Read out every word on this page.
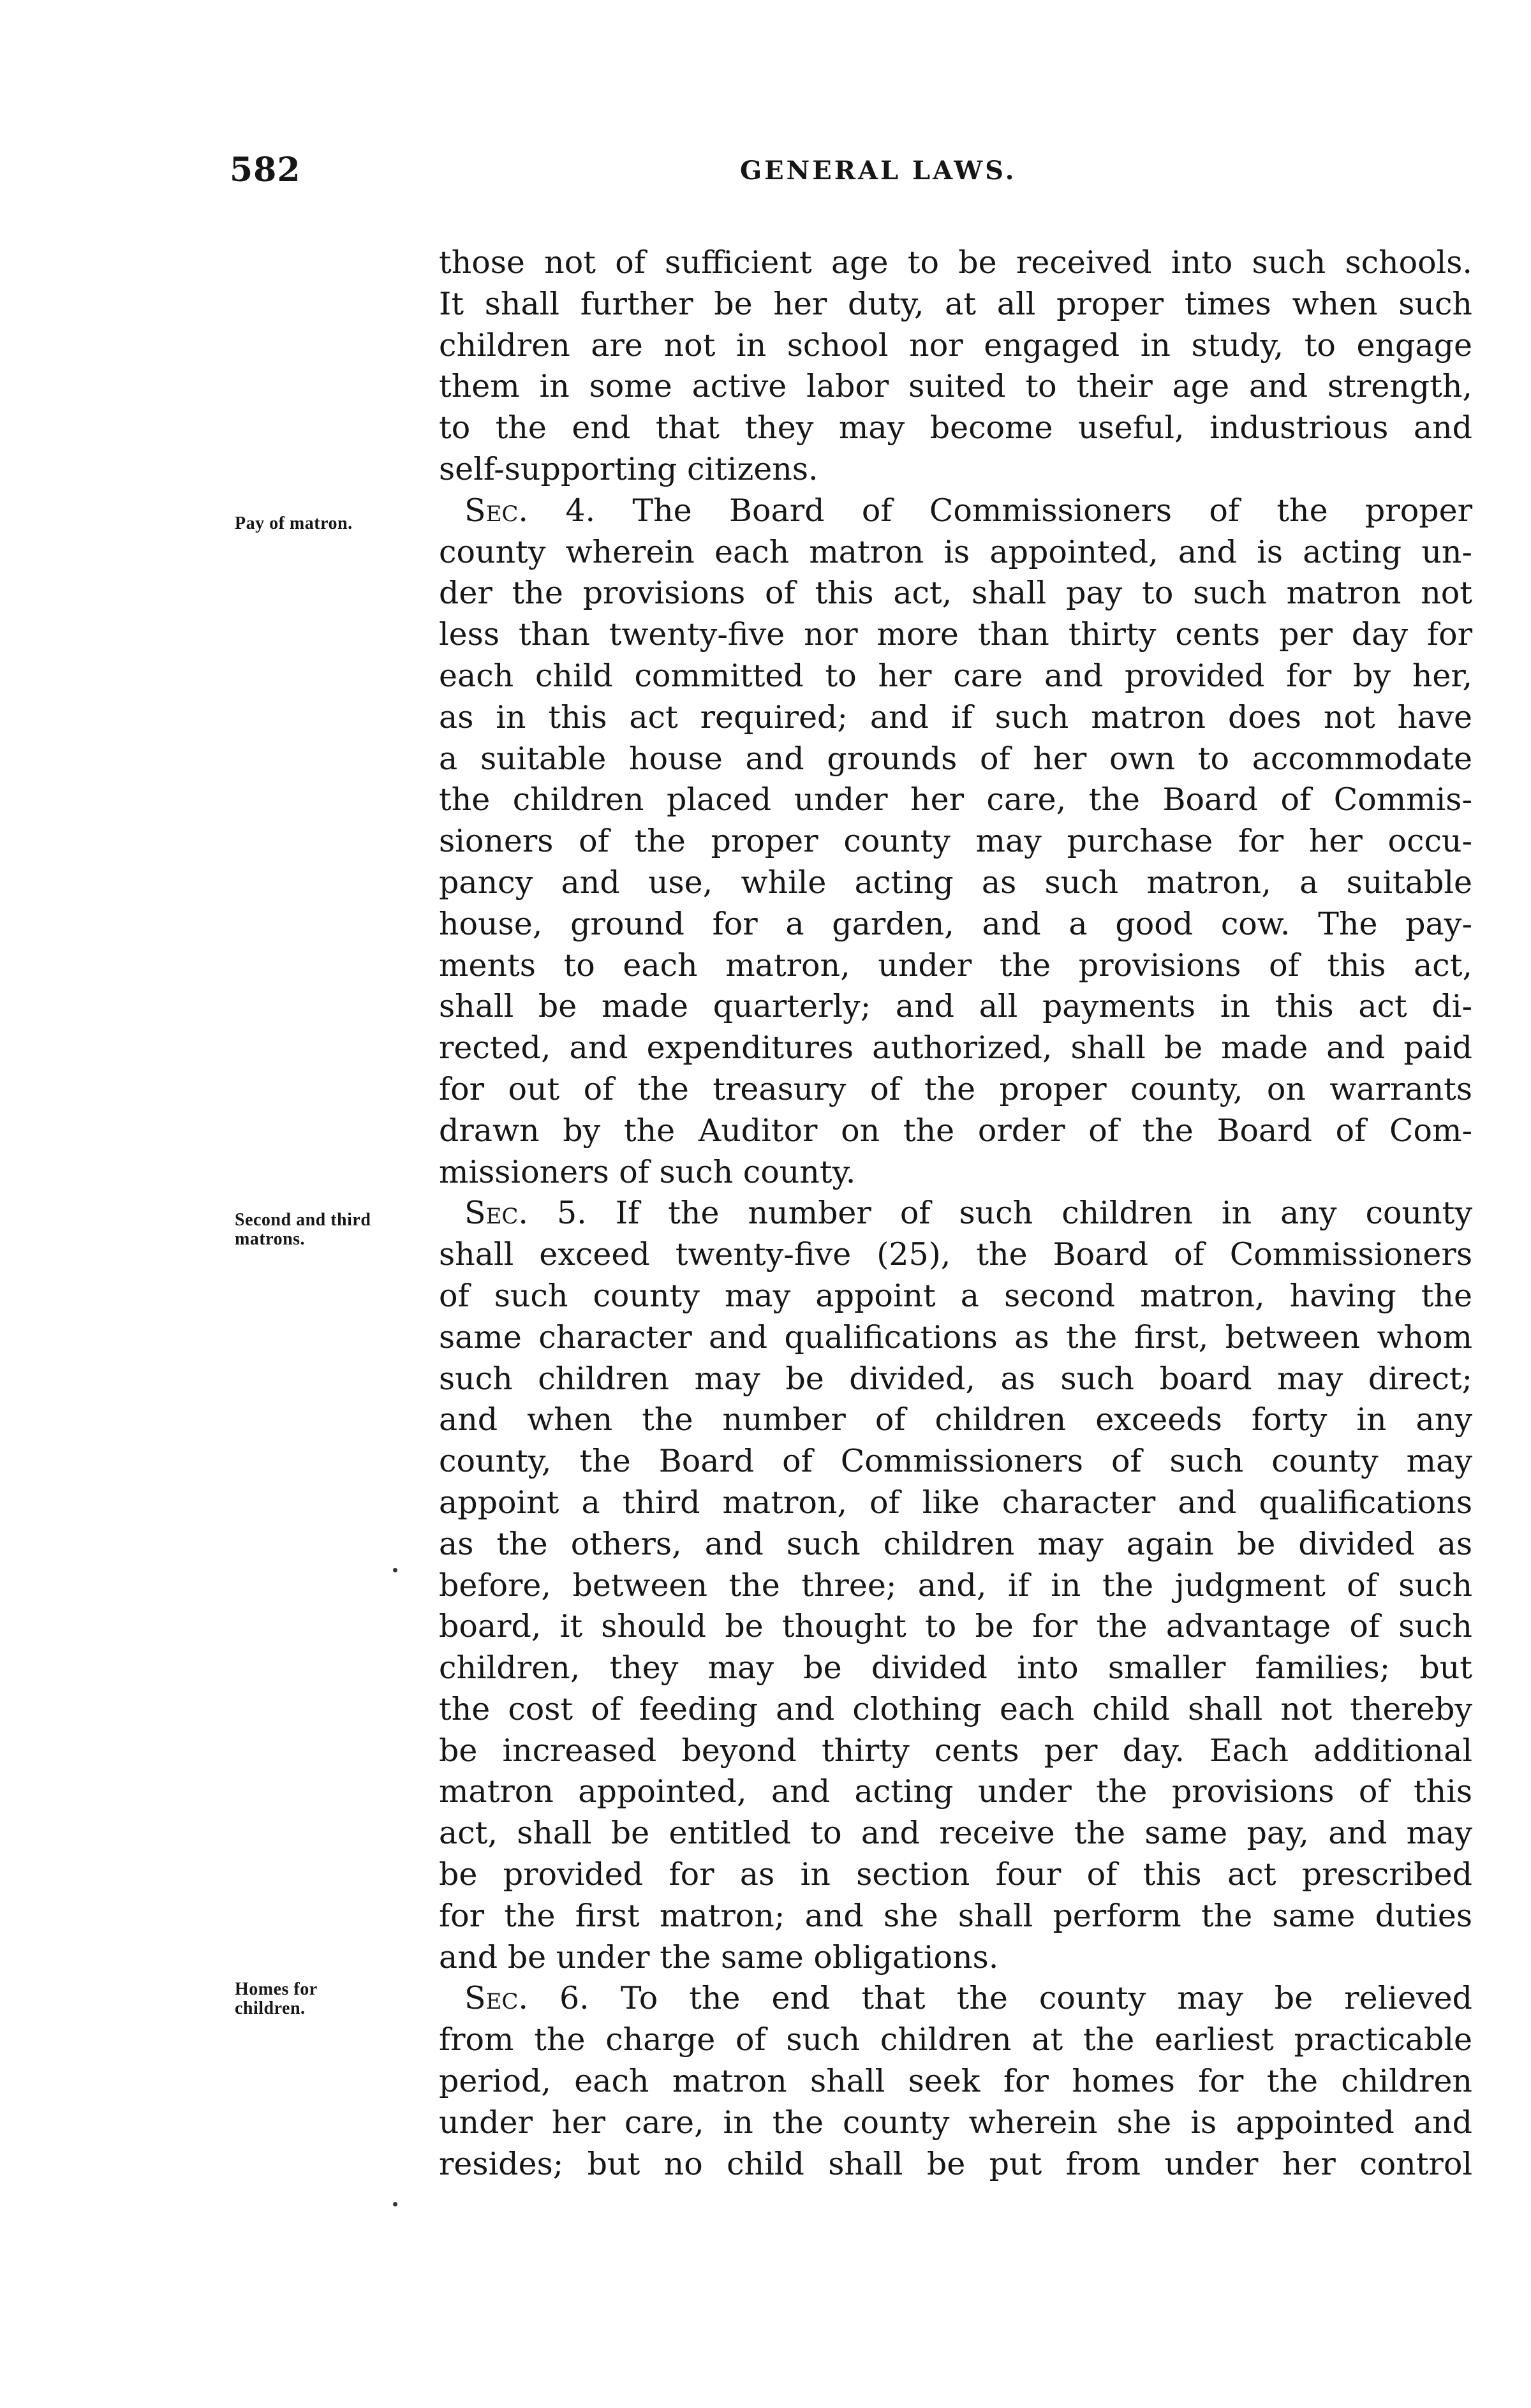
582	GENERAL LAWS.
Pay of matron.
Second and third matrons.
Homes for children.
those not of sufficient age to be received into such schools.
It shall further be her duty, at all proper times when such
children are not in school nor engaged in study, to engage
them in some active labor suited to their age and strength,
to the end that they may become useful, industrious and
self-supporting citizens.
Sec. 4. The Board of Commissioners of the proper
county wherein each matron is appointed, and is acting un-
der the provisions of this act, shall pay to such matron not
less than twenty-five nor more than thirty cents per day for
each child committed to her care and provided for by her,
as in this act required; and if such matron does not have
a suitable house and grounds of her own to accommodate
the children placed under her care, the Board of Commis-
sioners of the proper county may purchase for her occu-
pancy and use, while acting as such matron, a suitable
house, ground for a garden, and a good cow. The pay-
ments to each matron, under the provisions of this act,
shall be made quarterly; and all payments in this act di-
rected, and expenditures authorized, shall be made and paid
for out of the treasury of the proper county, on warrants
drawn by the Auditor on the order of the Board of Com-
missioners of such county.
Sec. 5. If the number of such children in any county
shall exceed twenty-five (25), the Board of Commissioners
of such county may appoint a second matron, having the
same character and qualifications as the first, between whom
such children may be divided, as such board may direct;
and when the number of children exceeds forty in any
county, the Board of Commissioners of such county may
appoint a third matron, of like character and qualifications
as the others, and such children may again be divided as
before, between the three; and, if in the judgment of such
board, it should be thought to be for the advantage of such
children, they may be divided into smaller families; but
the cost of feeding and clothing each child shall not thereby
be increased beyond thirty cents per day. Each additional
matron appointed, and acting under the provisions of this
act, shall be entitled to and receive the same pay, and may
be provided for as in section four of this act prescribed
for the first matron; and she shall perform the same duties
and be under the same obligations.
Sec. 6. To the end that the county may be relieved
from the charge of such children at the earliest practicable
period, each matron shall seek for homes for the children
under her care, in the county wherein she is appointed and
resides; but no child shall be put from under her control
